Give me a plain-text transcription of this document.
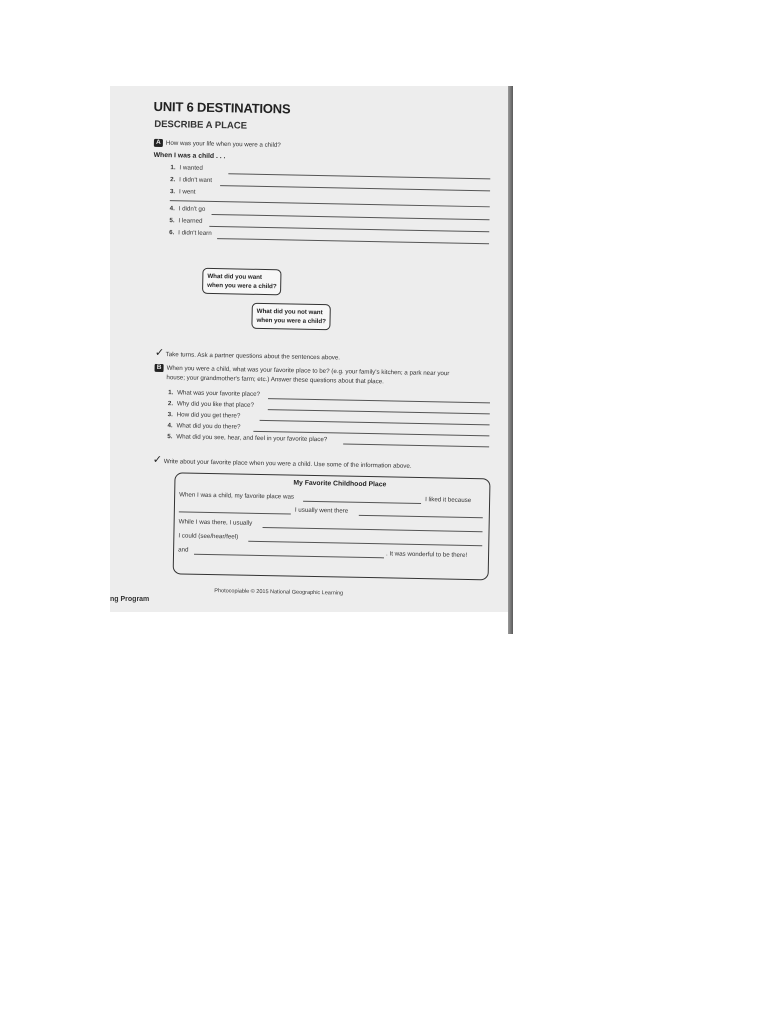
UNIT 6 DESTINATIONS
DESCRIBE A PLACE
A How was your life when you were a child?
When I was a child . . .
1. I wanted
2. I didn't want
3. I went
4. I didn't go
5. I learned
6. I didn't learn
What did you want
when you were a child?
What did you not want
when you were a child?
✓ Take turns. Ask a partner questions about the sentences above.
B When you were a child, what was your favorite place to be? (e.g. your family's kitchen; a park near your
house; your grandmother's farm; etc.) Answer these questions about that place.
1. What was your favorite place?
2. Why did you like that place?
3. How did you get there?
4. What did you do there?
5. What did you see, hear, and feel in your favorite place?
✓ Write about your favorite place when you were a child. Use some of the information above.
My Favorite Childhood Place
When I was a child, my favorite place was	I liked it because
I usually went there
While I was there, I usually
I could (see/hear/feel)
and
. It was wonderful to be there!
Photocopiable © 2015 National Geographic Learning
ng Program
